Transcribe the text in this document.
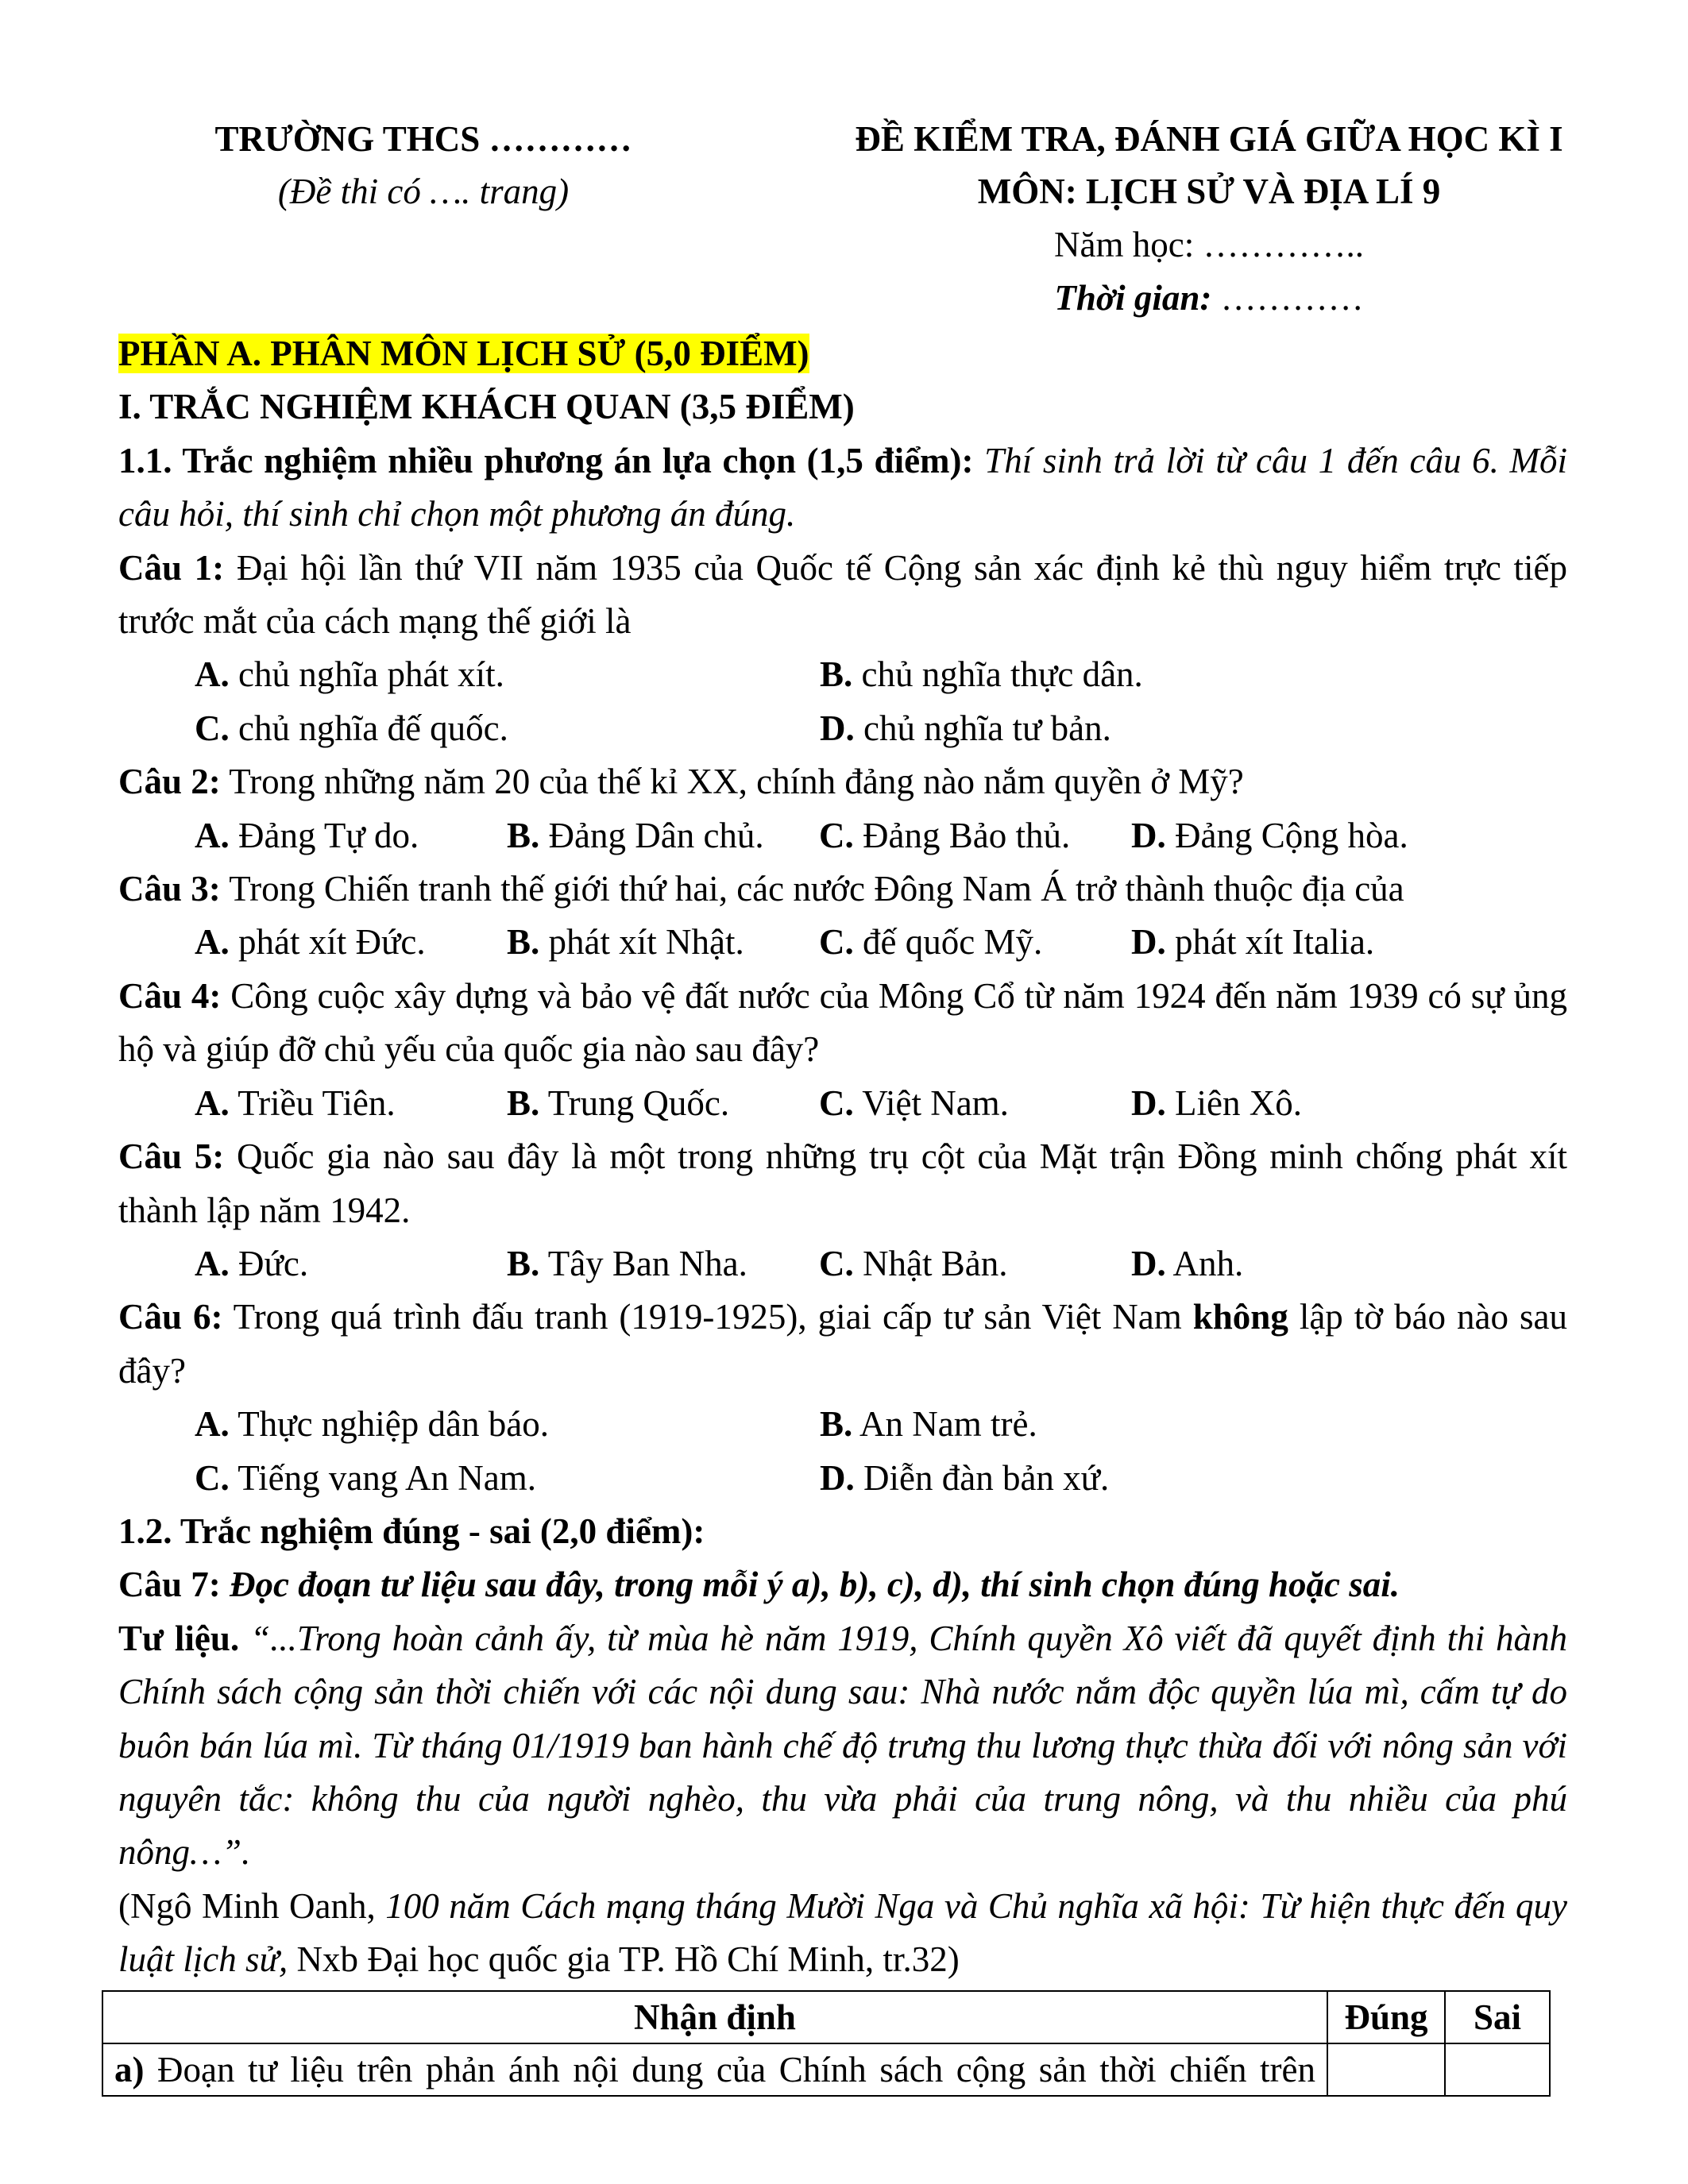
TRƯỜNG THCS …………
(Đề thi có …. trang)
ĐỀ KIỂM TRA, ĐÁNH GIÁ GIỮA HỌC KÌ I
MÔN: LỊCH SỬ VÀ ĐỊA LÍ 9
Năm học: …………..
Thời gian: …………
PHẦN A. PHÂN MÔN LỊCH SỬ (5,0 ĐIỂM)
I. TRẮC NGHIỆM KHÁCH QUAN (3,5 ĐIỂM)
1.1. Trắc nghiệm nhiều phương án lựa chọn (1,5 điểm): Thí sinh trả lời từ câu 1 đến câu 6. Mỗi câu hỏi, thí sinh chỉ chọn một phương án đúng.
Câu 1: Đại hội lần thứ VII năm 1935 của Quốc tế Cộng sản xác định kẻ thù nguy hiểm trực tiếp trước mắt của cách mạng thế giới là
A. chủ nghĩa phát xít.	B. chủ nghĩa thực dân.
C. chủ nghĩa đế quốc.	D. chủ nghĩa tư bản.
Câu 2: Trong những năm 20 của thế kỉ XX, chính đảng nào nắm quyền ở Mỹ?
A. Đảng Tự do.	B. Đảng Dân chủ.	C. Đảng Bảo thủ.	D. Đảng Cộng hòa.
Câu 3: Trong Chiến tranh thế giới thứ hai, các nước Đông Nam Á trở thành thuộc địa của
A. phát xít Đức.	B. phát xít Nhật.	C. đế quốc Mỹ.	D. phát xít Italia.
Câu 4: Công cuộc xây dựng và bảo vệ đất nước của Mông Cổ từ năm 1924 đến năm 1939 có sự ủng hộ và giúp đỡ chủ yếu của quốc gia nào sau đây?
A. Triều Tiên.	B. Trung Quốc.	C. Việt Nam.	D. Liên Xô.
Câu 5: Quốc gia nào sau đây là một trong những trụ cột của Mặt trận Đồng minh chống phát xít thành lập năm 1942.
A. Đức.	B. Tây Ban Nha.	C. Nhật Bản.	D. Anh.
Câu 6: Trong quá trình đấu tranh (1919-1925), giai cấp tư sản Việt Nam không lập tờ báo nào sau đây?
A. Thực nghiệp dân báo.	B. An Nam trẻ.
C. Tiếng vang An Nam.	D. Diễn đàn bản xứ.
1.2. Trắc nghiệm đúng - sai (2,0 điểm):
Câu 7: Đọc đoạn tư liệu sau đây, trong mỗi ý a), b), c), d), thí sinh chọn đúng hoặc sai.
Tư liệu. “...Trong hoàn cảnh ấy, từ mùa hè năm 1919, Chính quyền Xô viết đã quyết định thi hành Chính sách cộng sản thời chiến với các nội dung sau: Nhà nước nắm độc quyền lúa mì, cấm tự do buôn bán lúa mì. Từ tháng 01/1919 ban hành chế độ trưng thu lương thực thừa đối với nông sản với nguyên tắc: không thu của người nghèo, thu vừa phải của trung nông, và thu nhiều của phú nông…”.
(Ngô Minh Oanh, 100 năm Cách mạng tháng Mười Nga và Chủ nghĩa xã hội: Từ hiện thực đến quy luật lịch sử, Nxb Đại học quốc gia TP. Hồ Chí Minh, tr.32)
Nhận định	Đúng	Sai
a) Đoạn tư liệu trên phản ánh nội dung của Chính sách cộng sản thời chiến trên		
